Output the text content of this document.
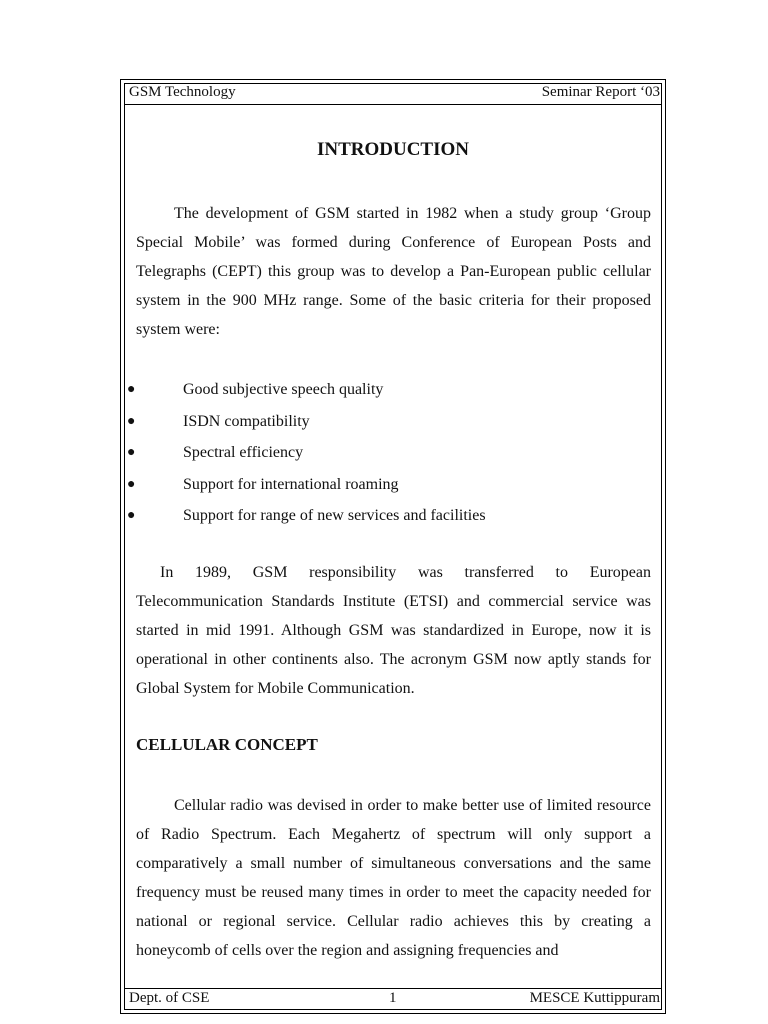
GSM Technology	Seminar Report ‘03
INTRODUCTION

The development of GSM started in 1982 when a study group ‘Group Special Mobile’ was formed during Conference of European Posts and Telegraphs (CEPT) this group was to develop a Pan-European public cellular system in the 900 MHz range. Some of the basic criteria for their proposed system were:

●	Good subjective speech quality
●	ISDN compatibility
●	Spectral efficiency
●	Support for international roaming
●	Support for range of new services and facilities

In 1989, GSM responsibility was transferred to European Telecommunication Standards Institute (ETSI) and commercial service was started in mid 1991. Although GSM was standardized in Europe, now it is operational in other continents also. The acronym GSM now aptly stands for Global System for Mobile Communication.

CELLULAR CONCEPT

Cellular radio was devised in order to make better use of limited resource of Radio Spectrum. Each Megahertz of spectrum will only support a comparatively a small number of simultaneous conversations and the same frequency must be reused many times in order to meet the capacity needed for national or regional service. Cellular radio achieves this by creating a honeycomb of cells over the region and assigning frequencies and

Dept. of CSE	1	MESCE Kuttippuram
